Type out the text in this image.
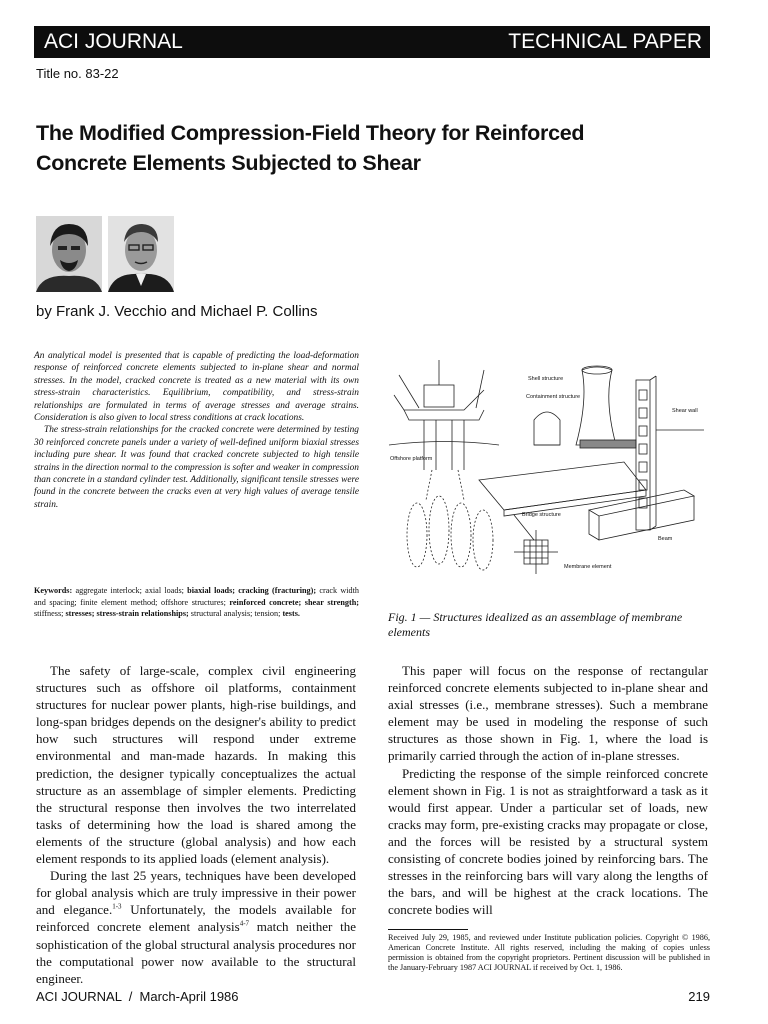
ACI JOURNAL	TECHNICAL PAPER
Title no. 83-22
The Modified Compression-Field Theory for Reinforced Concrete Elements Subjected to Shear
by Frank J. Vecchio and Michael P. Collins

An analytical model is presented that is capable of predicting the load-deformation response of reinforced concrete elements subjected to in-plane shear and normal stresses. In the model, cracked concrete is treated as a new material with its own stress-strain characteristics. Equilibrium, compatibility, and stress-strain relationships are formulated in terms of average stresses and average strains. Consideration is also given to local stress conditions at crack locations.

The stress-strain relationships for the cracked concrete were determined by testing 30 reinforced concrete panels under a variety of well-defined uniform biaxial stresses including pure shear. It was found that cracked concrete subjected to high tensile strains in the direction normal to the compression is softer and weaker in compression than concrete in a standard cylinder test. Additionally, significant tensile stresses were found in the concrete between the cracks even at very high values of average tensile strain.

Keywords: aggregate interlock; axial loads; biaxial loads; cracking (fracturing); crack width and spacing; finite element method; offshore structures; reinforced concrete; shear strength; stiffness; stresses; stress-strain relationships; structural analysis; tension; tests.
Shell structure
Containment structure
Shear wall
Offshore platform
Bridge structure
Beam
Membrane element
Fig. 1 — Structures idealized as an assemblage of membrane elements

The safety of large-scale, complex civil engineering structures such as offshore oil platforms, containment structures for nuclear power plants, high-rise buildings, and long-span bridges depends on the designer's ability to predict how such structures will respond under extreme environmental and man-made hazards. In making this prediction, the designer typically conceptualizes the actual structure as an assemblage of simpler elements. Predicting the structural response then involves the two interrelated tasks of determining how the load is shared among the elements of the structure (global analysis) and how each element responds to its applied loads (element analysis).

During the last 25 years, techniques have been developed for global analysis which are truly impressive in their power and elegance.$^{1-3}$ Unfortunately, the models available for reinforced concrete element analysis$^{4-7}$ match neither the sophistication of the global structural analysis procedures nor the computational power now available to the structural engineer.

This paper will focus on the response of rectangular reinforced concrete elements subjected to in-plane shear and axial stresses (i.e., membrane stresses). Such a membrane element may be used in modeling the response of such structures as those shown in Fig. 1, where the load is primarily carried through the action of in-plane stresses.

Predicting the response of the simple reinforced concrete element shown in Fig. 1 is not as straightforward a task as it would first appear. Under a particular set of loads, new cracks may form, pre-existing cracks may propagate or close, and the forces will be resisted by a structural system consisting of concrete bodies joined by reinforcing bars. The stresses in the reinforcing bars will vary along the lengths of the bars, and will be highest at the crack locations. The concrete bodies will

Received July 29, 1985, and reviewed under Institute publication policies. Copyright © 1986, American Concrete Institute. All rights reserved, including the making of copies unless permission is obtained from the copyright proprietors. Pertinent discussion will be published in the January-February 1987 ACI JOURNAL if received by Oct. 1, 1986.
ACI JOURNAL  /  March-April 1986	219
